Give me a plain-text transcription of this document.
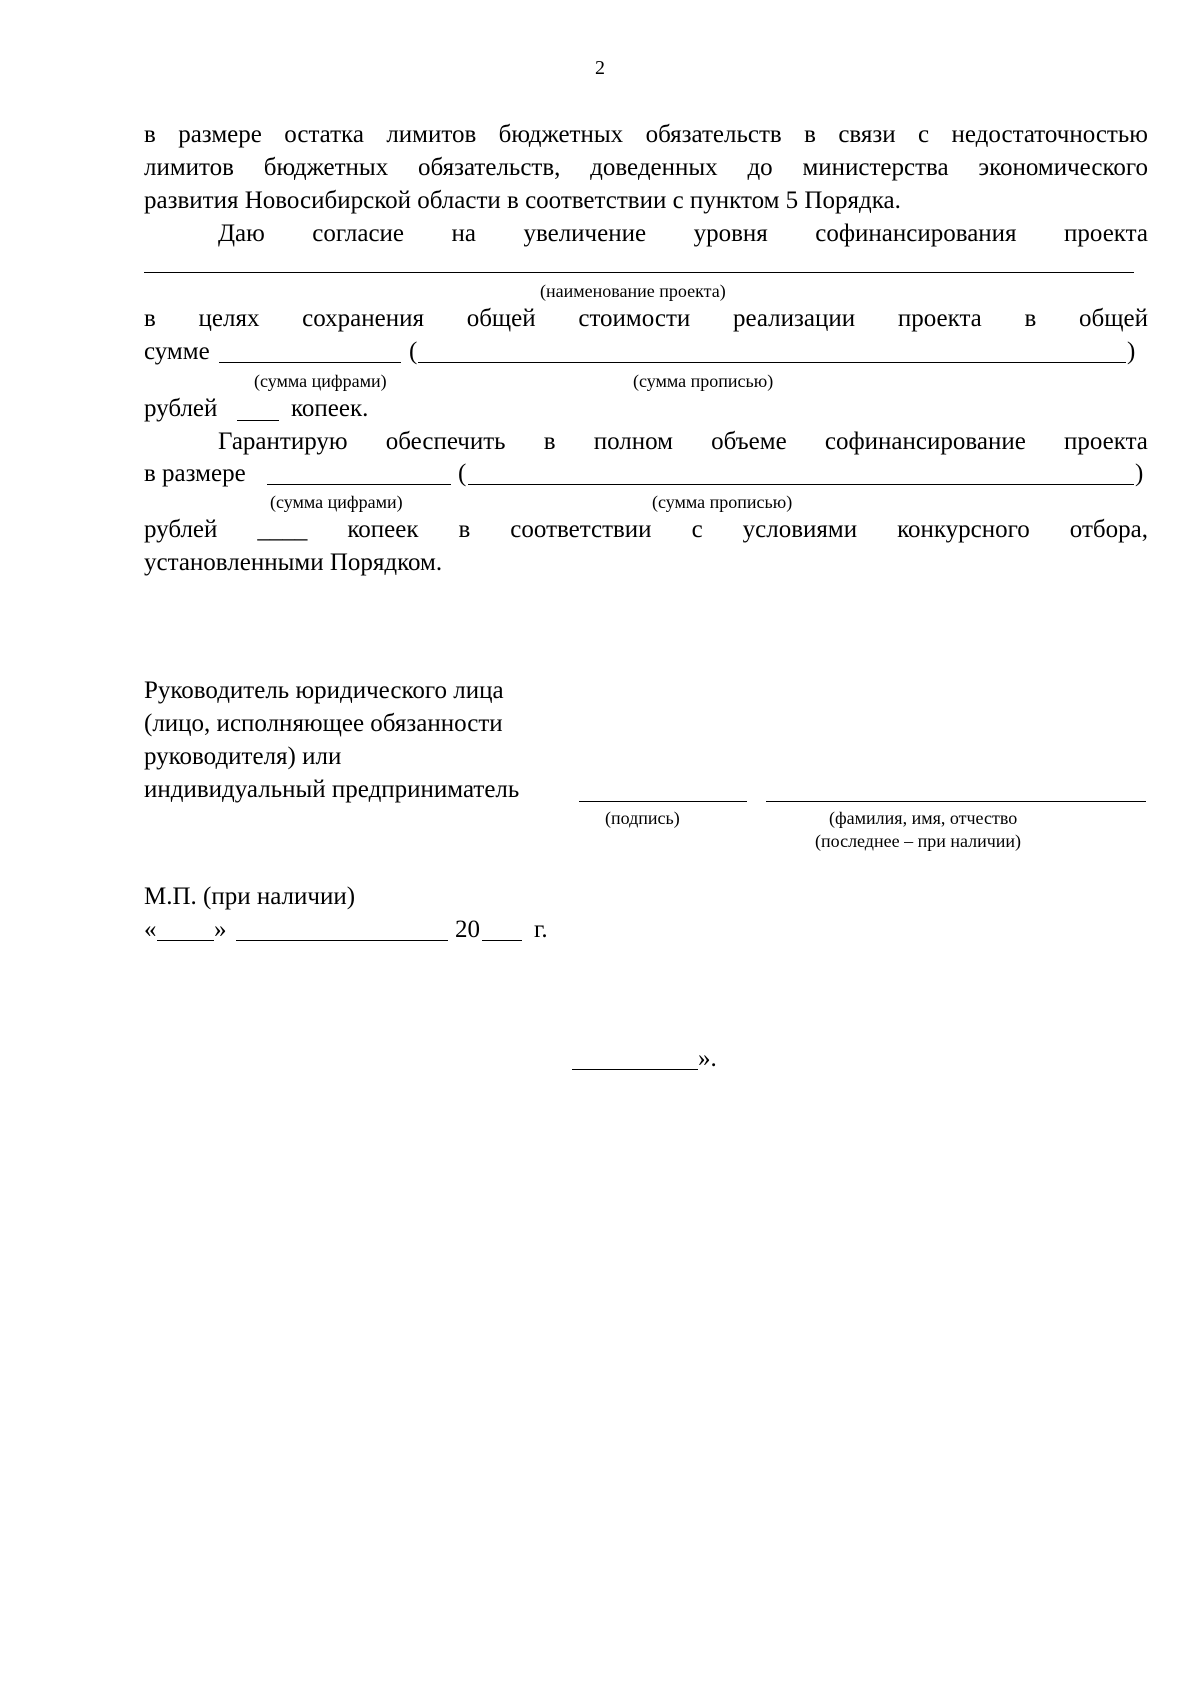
2
в размере остатка лимитов бюджетных обязательств в связи с недостаточностью
лимитов бюджетных обязательств, доведенных до министерства экономического
развития Новосибирской области в соответствии с пунктом 5 Порядка.
Даю согласие на увеличение уровня софинансирования проекта
(наименование проекта)
в целях сохранения общей стоимости реализации проекта в общей
сумме	(	)
(сумма цифрами)	(сумма прописью)
рублей	копеек.
Гарантирую обеспечить в полном объеме софинансирование проекта
в размере	(	)
(сумма цифрами)	(сумма прописью)
рублей ____ копеек в соответствии с условиями конкурсного отбора,
установленными Порядком.
Руководитель юридического лица
(лицо, исполняющее обязанности
руководителя) или
индивидуальный предприниматель
(подпись)	(фамилия, имя, отчество
(последнее – при наличии)
М.П. (при наличии)
« »	20 г.
».
